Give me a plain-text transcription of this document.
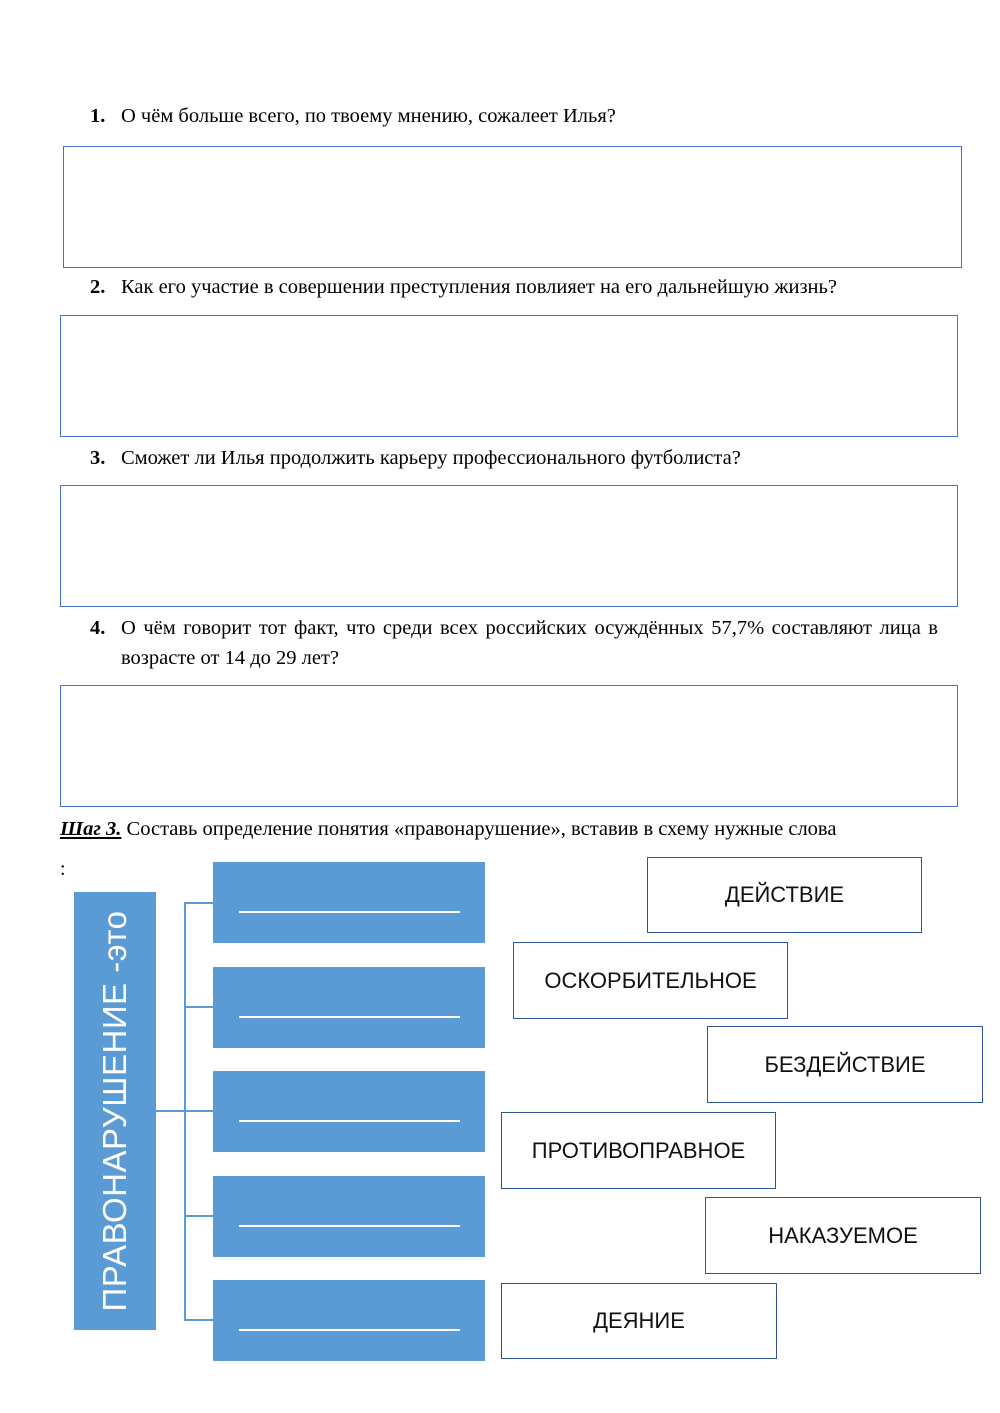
1. О чём больше всего, по твоему мнению, сожалеет Илья?
2. Как его участие в совершении преступления повлияет на его дальнейшую жизнь?
3. Сможет ли Илья продолжить карьеру профессионального футболиста?
4. О чём говорит тот факт, что среди всех российских осуждённых 57,7% составляют лица в возрасте от 14 до 29 лет?
Шаг 3. Составь определение понятия «правонарушение», вставив в схему нужные слова
:
ПРАВОНАРУШЕНИЕ -это
ДЕЙСТВИЕ
ОСКОРБИТЕЛЬНОЕ
БЕЗДЕЙСТВИЕ
ПРОТИВОПРАВНОЕ
НАКАЗУЕМОЕ
ДЕЯНИЕ
